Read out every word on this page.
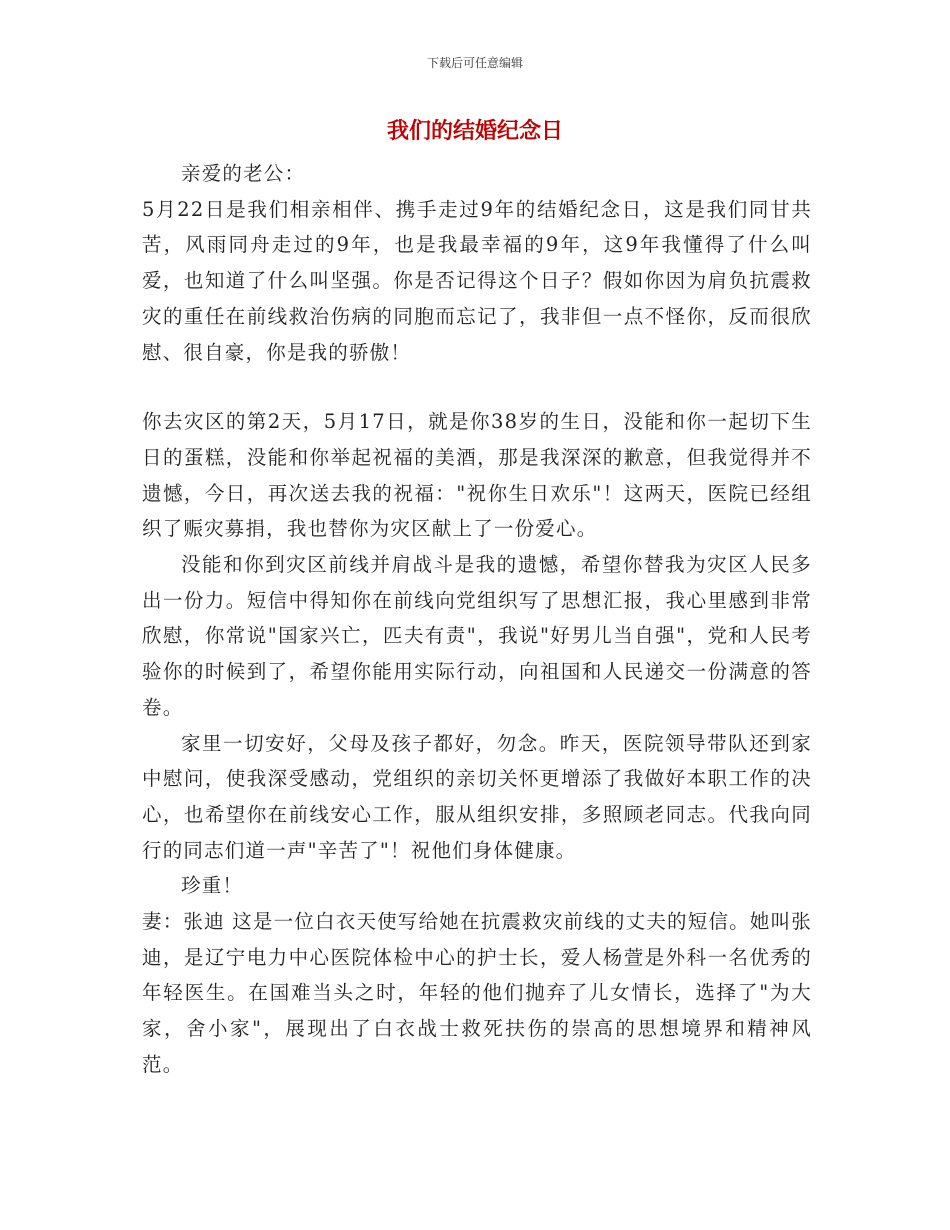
下载后可任意编辑
我们的结婚纪念日

亲爱的老公：

5月22日是我们相亲相伴、携手走过9年的结婚纪念日，这是我们同甘共苦，风雨同舟走过的9年，也是我最幸福的9年，这9年我懂得了什么叫爱，也知道了什么叫坚强。你是否记得这个日子？假如你因为肩负抗震救灾的重任在前线救治伤病的同胞而忘记了，我非但一点不怪你，反而很欣慰、很自豪，你是我的骄傲！

你去灾区的第2天，5月17日，就是你38岁的生日，没能和你一起切下生日的蛋糕，没能和你举起祝福的美酒，那是我深深的歉意，但我觉得并不遗憾，今日，再次送去我的祝福："祝你生日欢乐"！这两天，医院已经组织了赈灾募捐，我也替你为灾区献上了一份爱心。

没能和你到灾区前线并肩战斗是我的遗憾，希望你替我为灾区人民多出一份力。短信中得知你在前线向党组织写了思想汇报，我心里感到非常欣慰，你常说"国家兴亡，匹夫有责"，我说"好男儿当自强"，党和人民考验你的时候到了，希望你能用实际行动，向祖国和人民递交一份满意的答卷。

家里一切安好，父母及孩子都好，勿念。昨天，医院领导带队还到家中慰问，使我深受感动，党组织的亲切关怀更增添了我做好本职工作的决心，也希望你在前线安心工作，服从组织安排，多照顾老同志。代我向同行的同志们道一声"辛苦了"！祝他们身体健康。

珍重！

妻：张迪 这是一位白衣天使写给她在抗震救灾前线的丈夫的短信。她叫张迪，是辽宁电力中心医院体检中心的护士长，爱人杨萱是外科一名优秀的年轻医生。在国难当头之时，年轻的他们抛弃了儿女情长，选择了"为大家，舍小家"，展现出了白衣战士救死扶伤的崇高的思想境界和精神风范。
